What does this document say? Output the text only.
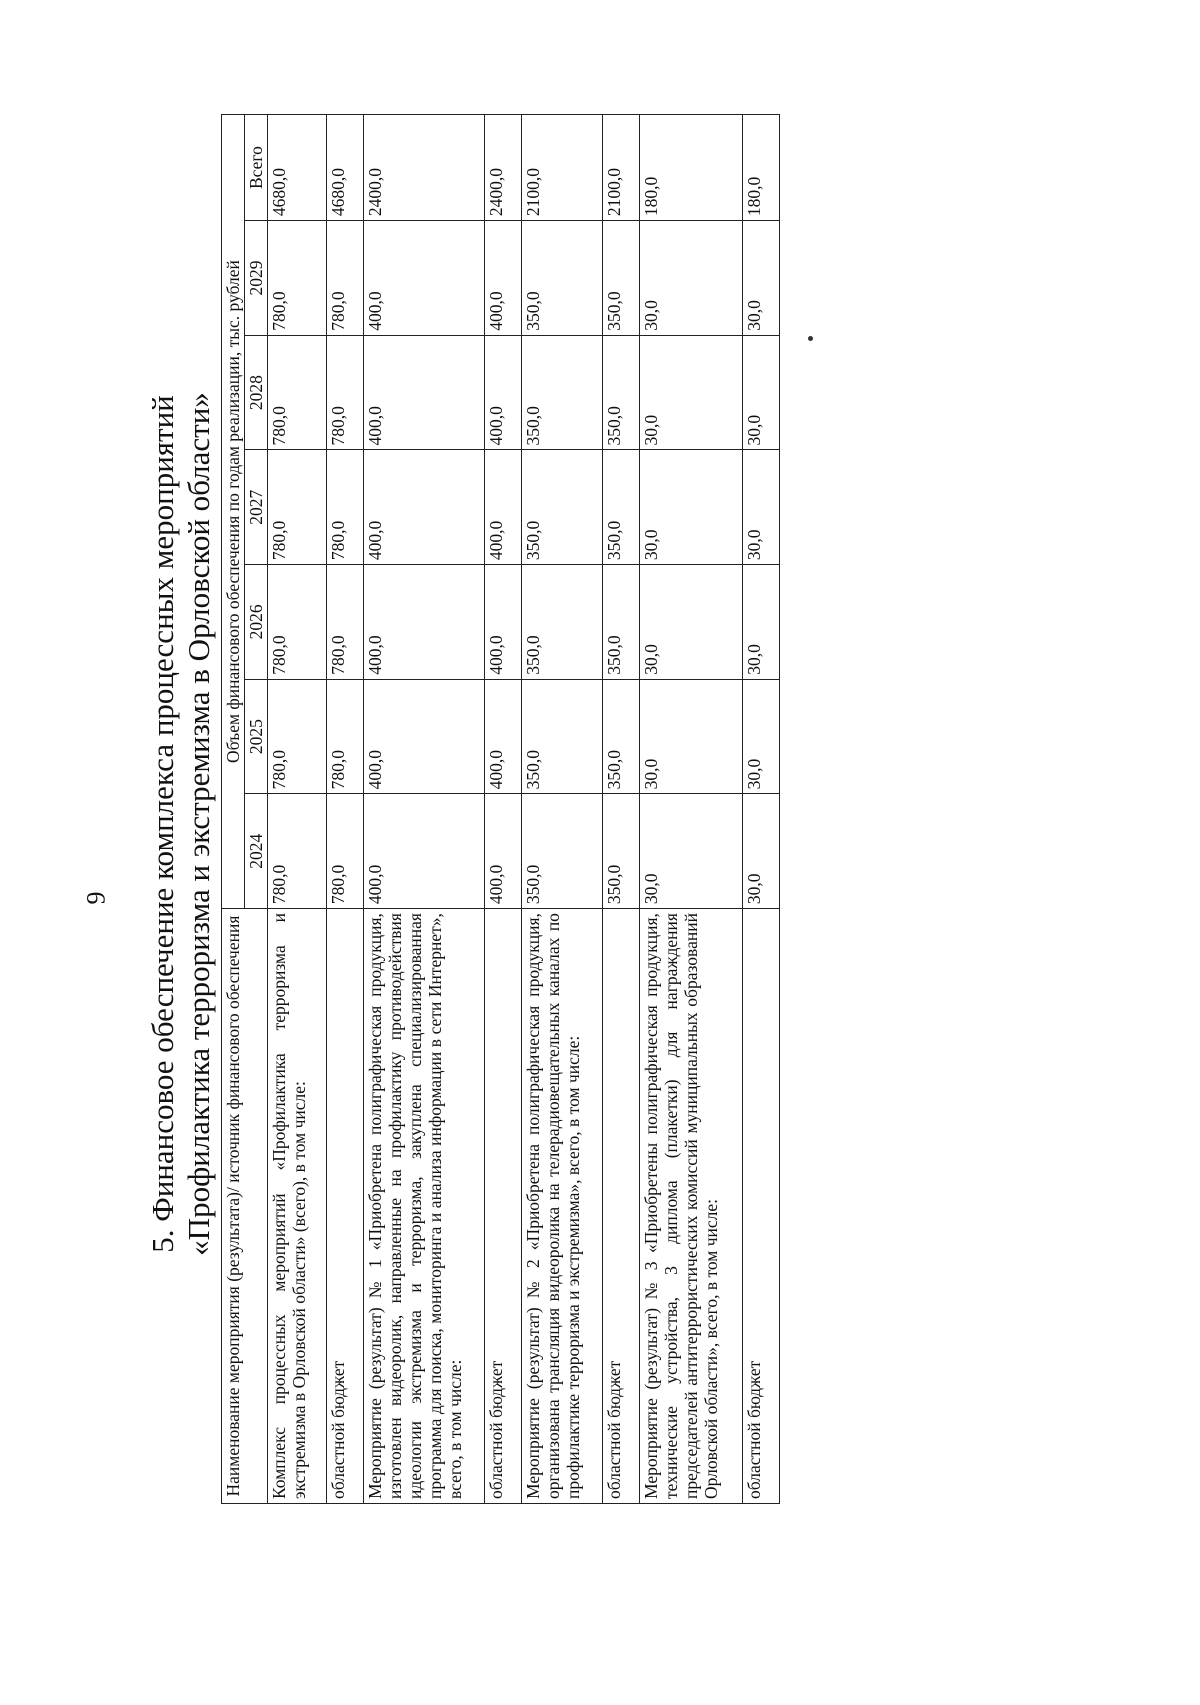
9 5. Финансовое обеспечение комплекса процессных мероприятий «Профилактика терроризма и экстремизма в Орловской области» Наименование мероприятия (результата)/ источник финансового обеспечения	Объем финансового обеспечения по годам реализации, тыс. рублей						
	2024	2025	2026	2027	2028	2029	Всего
Комплекс процессных мероприятий «Профилактика терроризма и экстремизма в Орловской области» (всего), в том числе:	780,0	780,0	780,0	780,0	780,0	780,0	4680,0
областной бюджет	780,0	780,0	780,0	780,0	780,0	780,0	4680,0
Мероприятие (результат) № 1 «Приобретена полиграфическая продукция, изготовлен видеоролик, направленные на профилактику противодействия идеологии экстремизма и терроризма, закуплена специализированная программа для поиска, мониторинга и анализа информации в сети Интернет», всего, в том числе:	400,0	400,0	400,0	400,0	400,0	400,0	2400,0
областной бюджет	400,0	400,0	400,0	400,0	400,0	400,0	2400,0
Мероприятие (результат) № 2 «Приобретена полиграфическая продукция, организована трансляция видеоролика на телерадиовещательных каналах по профилактике терроризма и экстремизма», всего, в том числе:	350,0	350,0	350,0	350,0	350,0	350,0	2100,0
областной бюджет	350,0	350,0	350,0	350,0	350,0	350,0	2100,0
Мероприятие (результат) № 3 «Приобретены полиграфическая продукция, технические устройства, 3 диплома (плакетки) для награждения председателей антитеррористических комиссий муниципальных образований Орловской области», всего, в том числе:	30,0	30,0	30,0	30,0	30,0	30,0	180,0
областной бюджет	30,0	30,0	30,0	30,0	30,0	30,0	180,0
